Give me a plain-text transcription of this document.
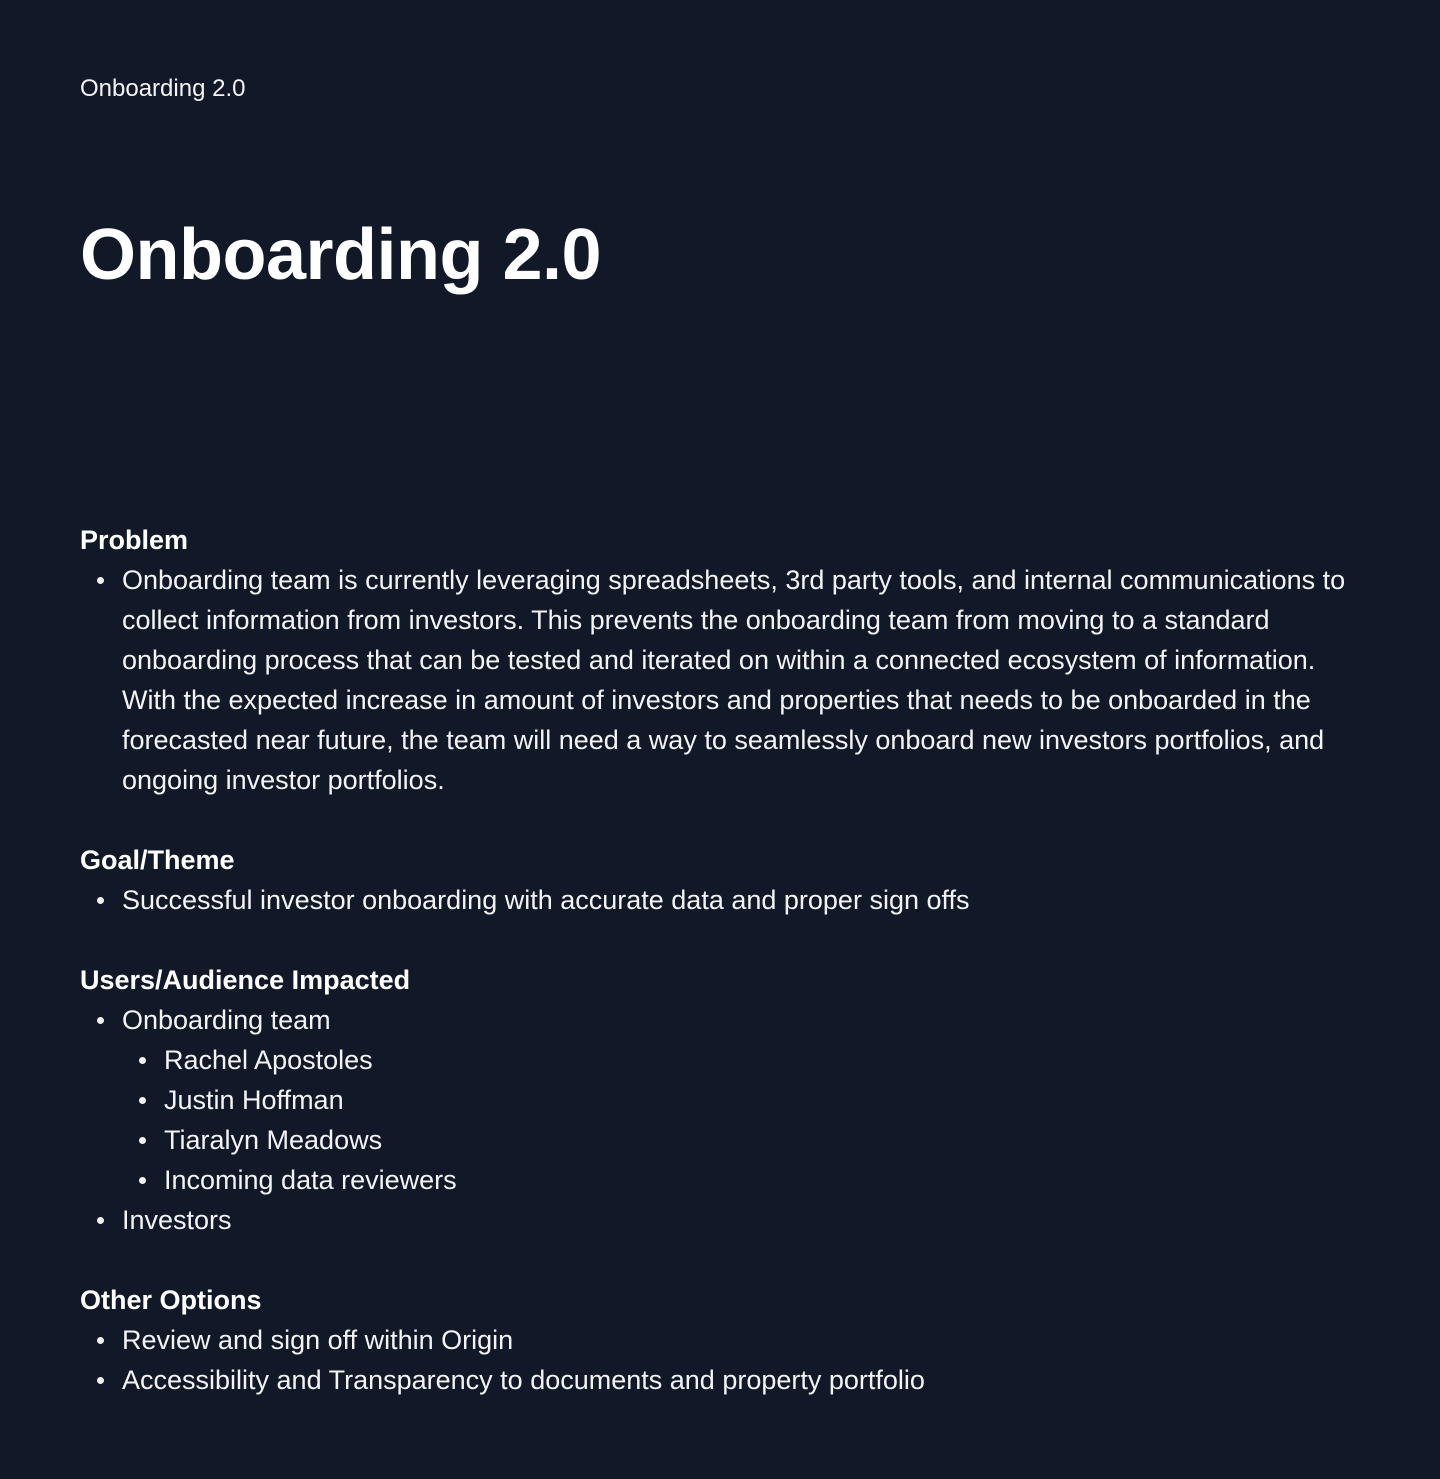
Onboarding 2.0
Onboarding 2.0
Problem
Onboarding team is currently leveraging spreadsheets, 3rd party tools, and internal communications to collect information from investors. This prevents the onboarding team from moving to a standard onboarding process that can be tested and iterated on within a connected ecosystem of information. With the expected increase in amount of investors and properties that needs to be onboarded in the forecasted near future, the team will need a way to seamlessly onboard new investors portfolios, and ongoing investor portfolios.
Goal/Theme
Successful investor onboarding with accurate data and proper sign offs
Users/Audience Impacted
Onboarding team
Rachel Apostoles
Justin Hoffman
Tiaralyn Meadows
Incoming data reviewers
Investors
Other Options
Review and sign off within Origin
Accessibility and Transparency to documents and property portfolio
